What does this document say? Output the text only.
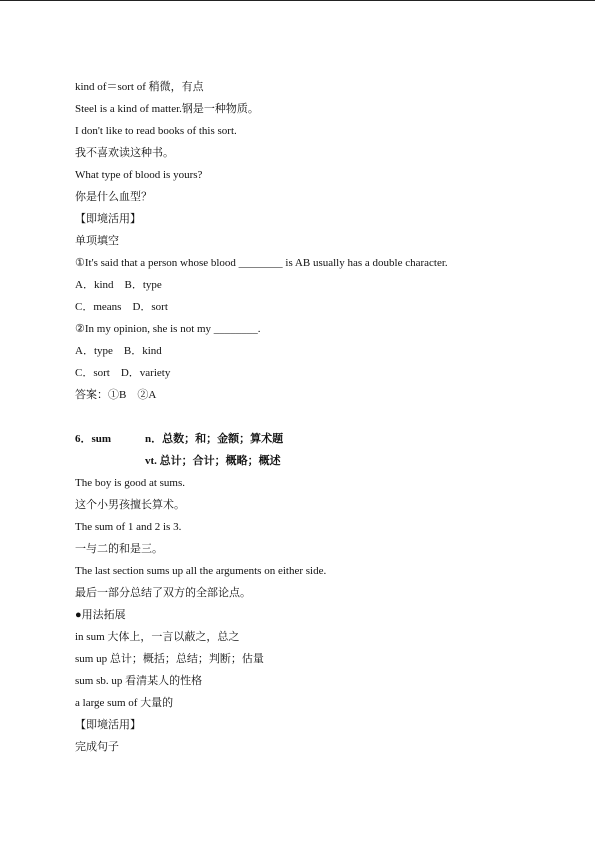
kind of＝sort of 稍微，有点
Steel is a kind of matter.钢是一种物质。
I don't like to read books of this sort.
我不喜欢读这种书。
What type of blood is yours?
你是什么血型？
【即境活用】
单项填空
①It's said that a person whose blood ________ is AB usually has a double character.
A．kind　B．type
C．means　D．sort
②In my opinion, she is not my ________.
A．type　B．kind
C．sort　D．variety
答案：①B　②A
6．sum	n．总数；和；金额；算术题
vt. 总计；合计；概略；概述
The boy is good at sums.
这个小男孩擅长算术。
The sum of 1 and 2 is 3.
一与二的和是三。
The last section sums up all the arguments on either side.
最后一部分总结了双方的全部论点。
●用法拓展
in sum 大体上，一言以蔽之，总之
sum up 总计；概括；总结；判断；估量
sum sb. up 看清某人的性格
a large sum of 大量的
【即境活用】
完成句子
